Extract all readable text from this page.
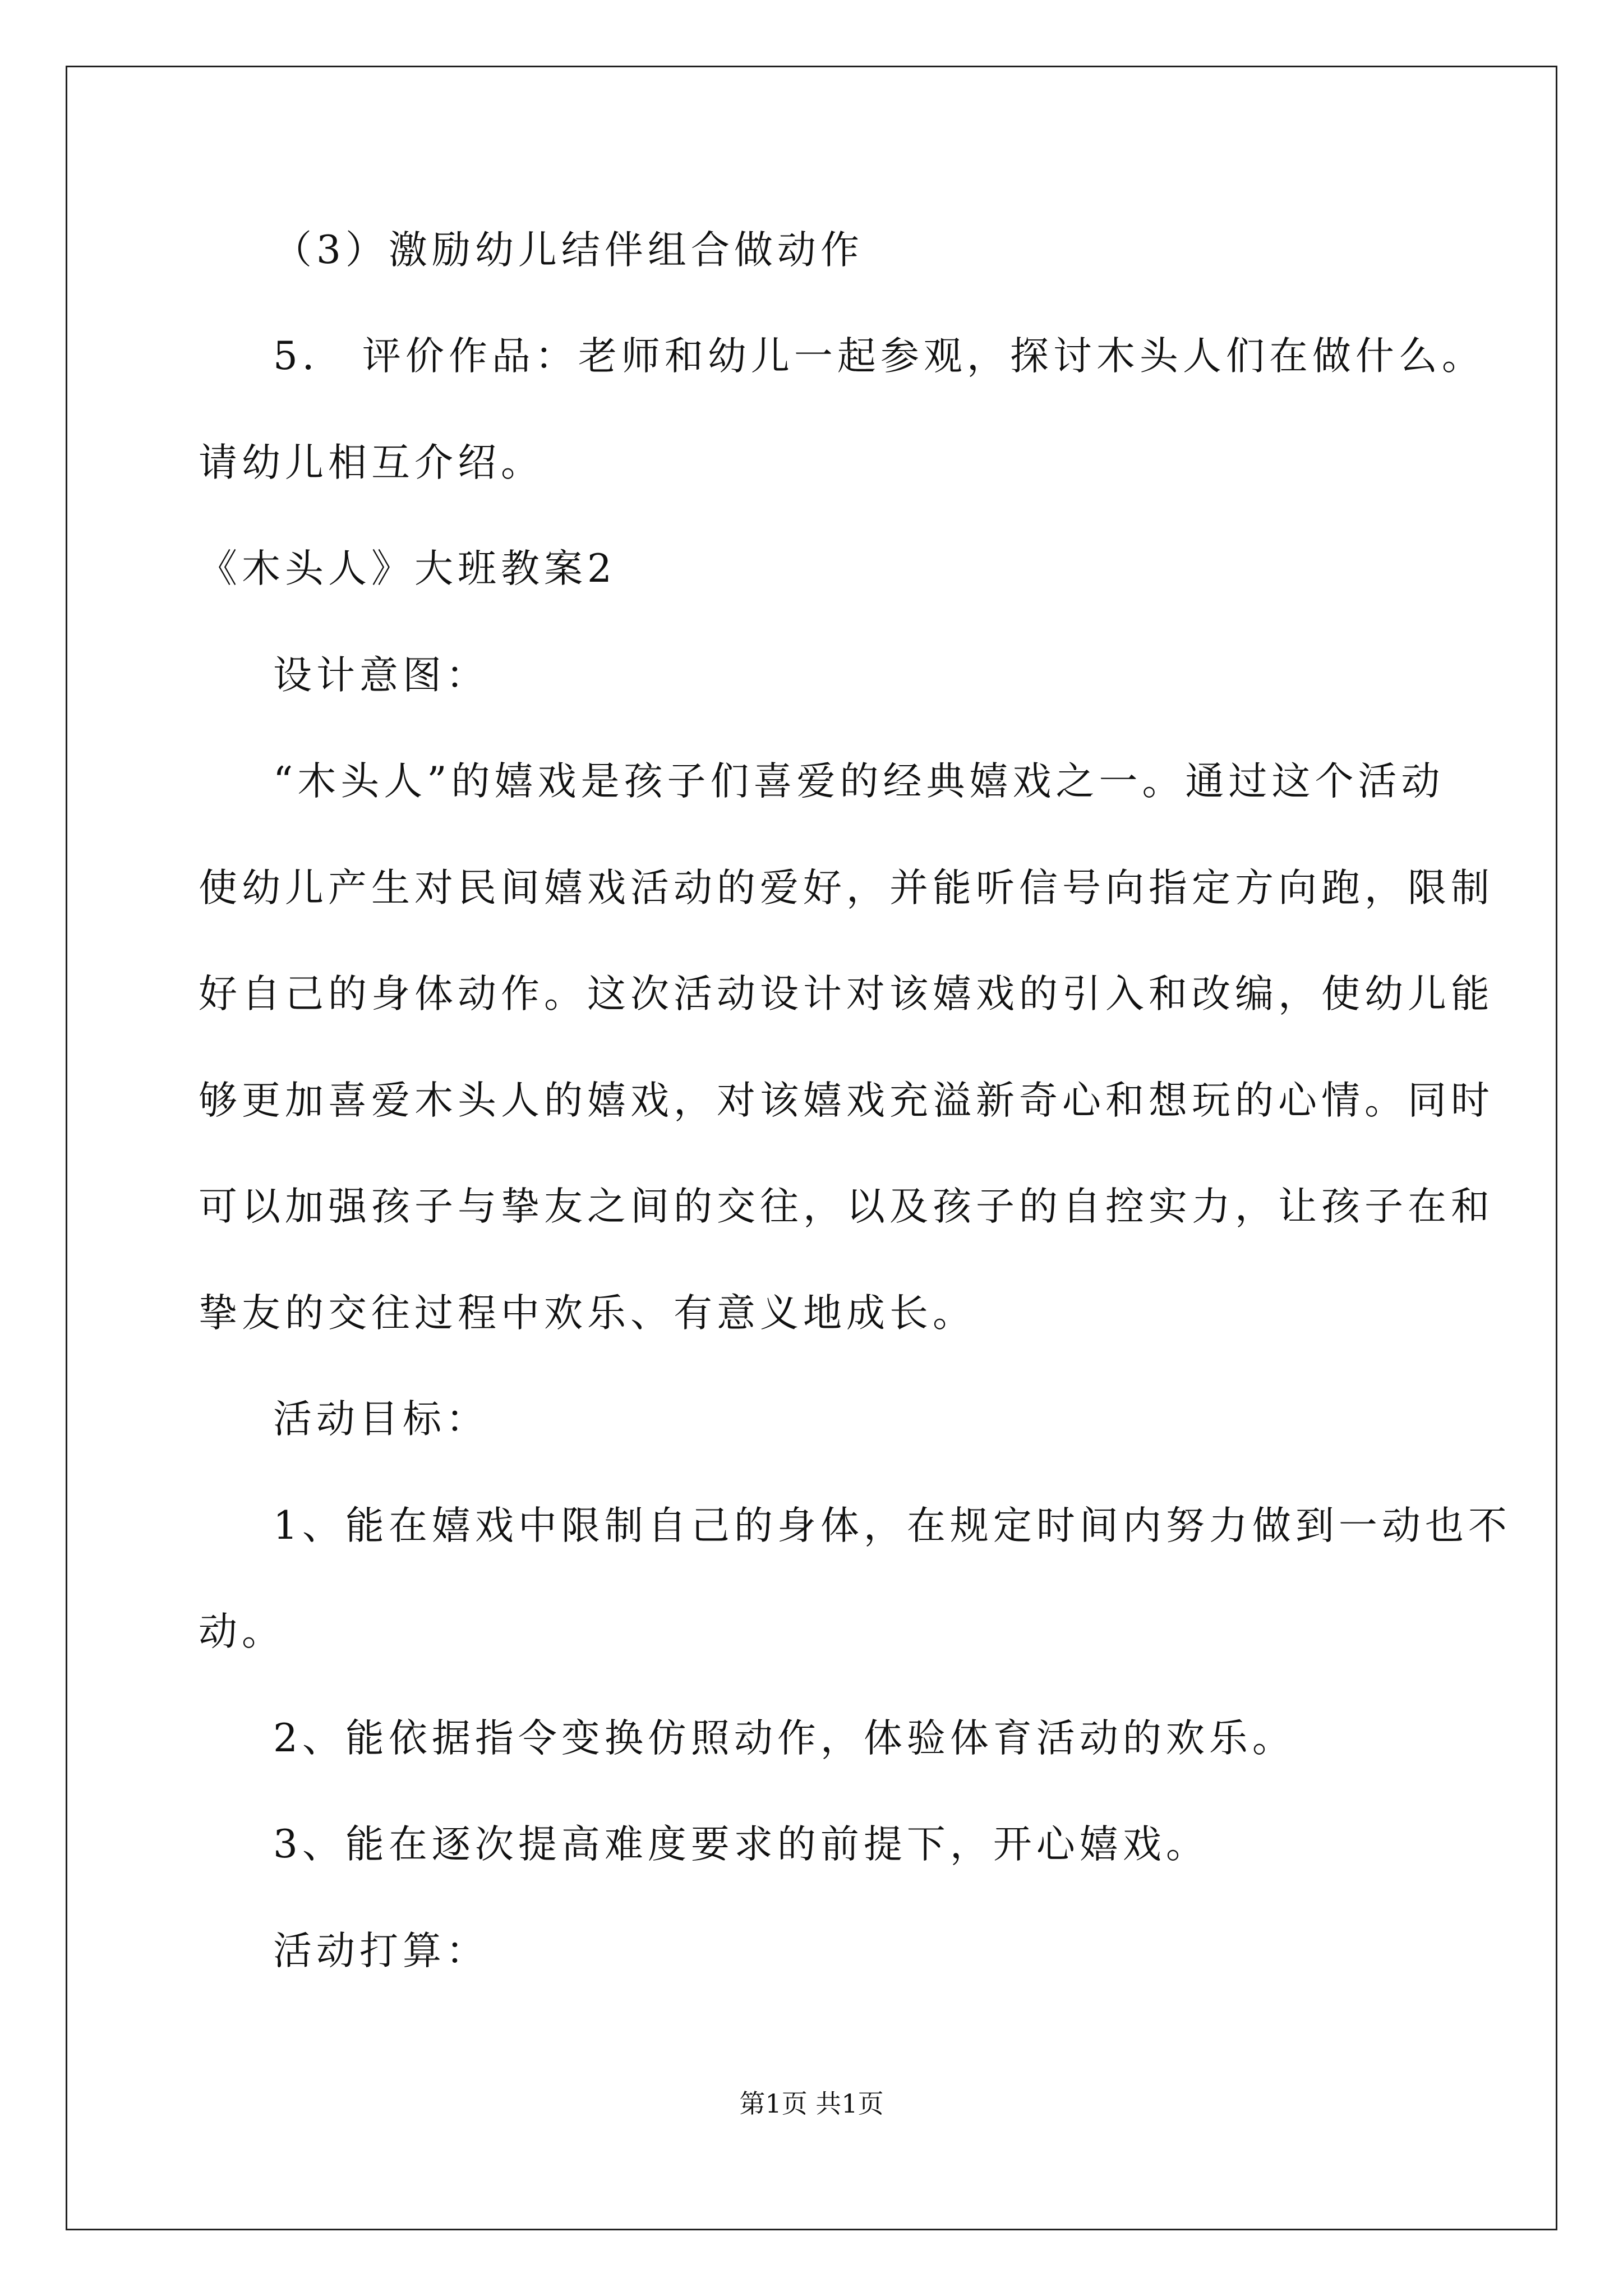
（3）激励幼儿结伴组合做动作
5． 评价作品：老师和幼儿一起参观，探讨木头人们在做什么。
请幼儿相互介绍。
《木头人》大班教案2
设计意图：
“木头人”的嬉戏是孩子们喜爱的经典嬉戏之一。通过这个活动
使幼儿产生对民间嬉戏活动的爱好，并能听信号向指定方向跑，限制
好自己的身体动作。这次活动设计对该嬉戏的引入和改编，使幼儿能
够更加喜爱木头人的嬉戏，对该嬉戏充溢新奇心和想玩的心情。同时
可以加强孩子与挚友之间的交往，以及孩子的自控实力，让孩子在和
挚友的交往过程中欢乐、有意义地成长。
活动目标：
1、能在嬉戏中限制自己的身体，在规定时间内努力做到一动也不
动。
2、能依据指令变换仿照动作，体验体育活动的欢乐。
3、能在逐次提高难度要求的前提下，开心嬉戏。
活动打算：
第1页 共1页
